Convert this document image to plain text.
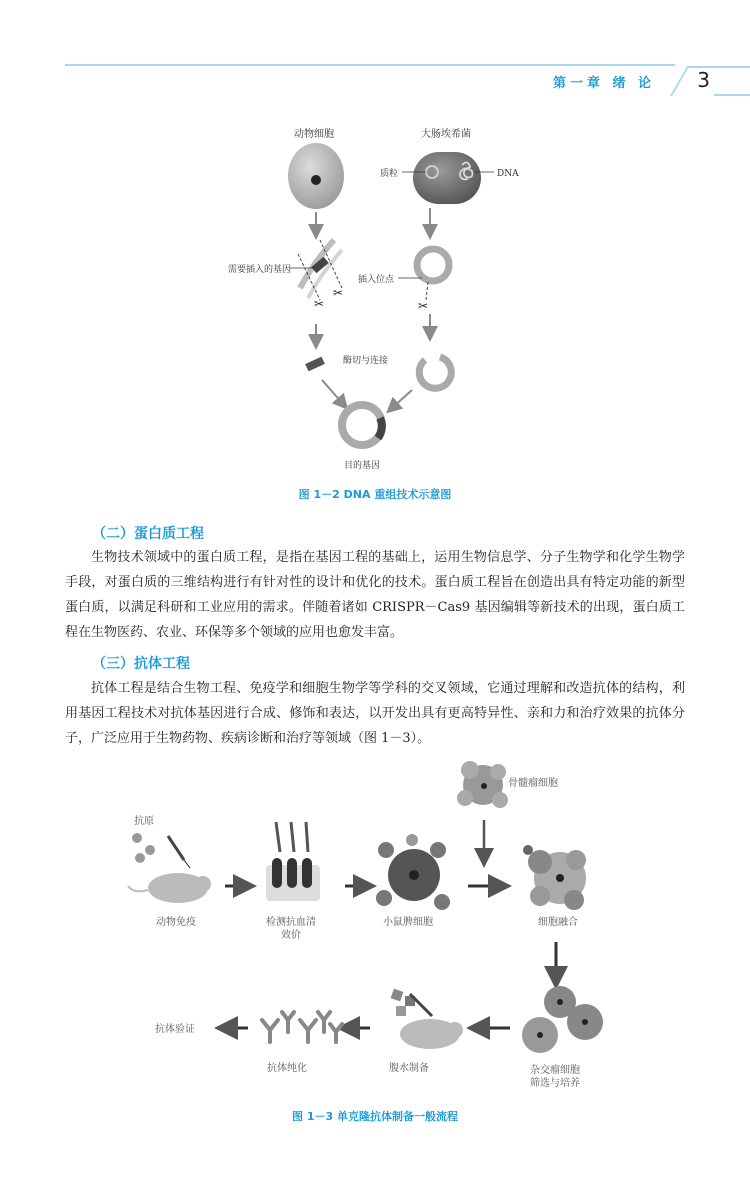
第一章 绪 论 3
动物细胞	大肠埃希菌
质粒	DNA
✂
✂
需要插入的基因
插入位点
✂
酶切与连接
目的基因
图 1－2 DNA 重组技术示意图
（二）蛋白质工程

生物技术领域中的蛋白质工程，是指在基因工程的基础上，运用生物信息学、分子生物学和化学生物学手段，对蛋白质的三维结构进行有针对性的设计和优化的技术。蛋白质工程旨在创造出具有特定功能的新型蛋白质，以满足科研和工业应用的需求。伴随着诸如 CRISPR－Cas9 基因编辑等新技术的出现，蛋白质工程在生物医药、农业、环保等多个领域的应用也愈发丰富。

（三）抗体工程

抗体工程是结合生物工程、免疫学和细胞生物学等学科的交叉领域，它通过理解和改造抗体的结构，利用基因工程技术对抗体基因进行合成、修饰和表达，以开发出具有更高特异性、亲和力和治疗效果的抗体分子，广泛应用于生物药物、疾病诊断和治疗等领域（图 1－3）。

骨髓瘤细胞
抗原
动物免疫	检测抗血清
效价
小鼠脾细胞	细胞融合
杂交瘤细胞
筛选与培养
腹水制备
抗体纯化
抗体验证
图 1－3 单克隆抗体制备一般流程
